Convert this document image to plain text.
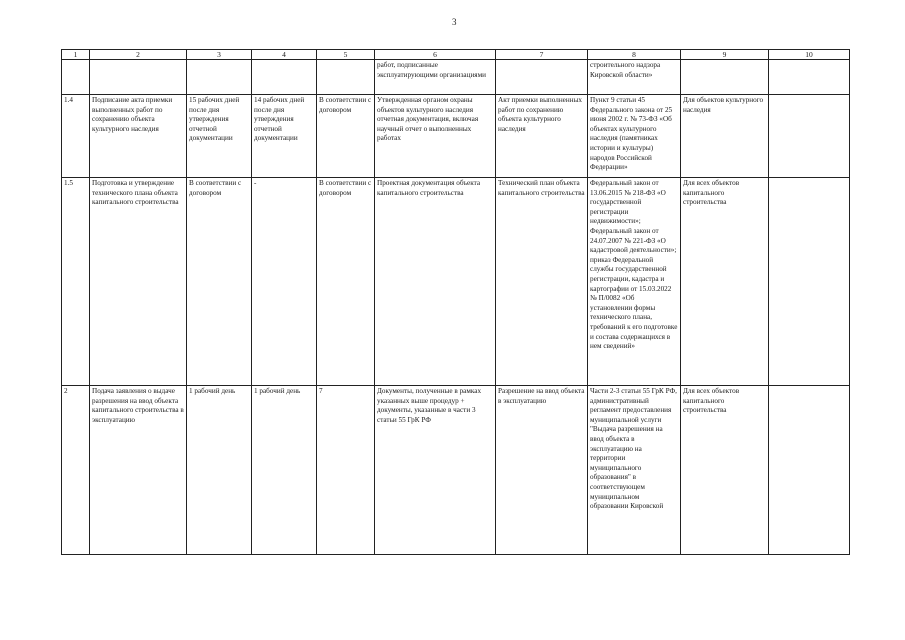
3
1	2	3	4	5	6	7	8	9	10
					работ, подписанные эксплуатирующими организациями		строительного надзора Кировской области»		
1.4	Подписание акта приемки выполненных работ по сохранению объекта культурного наследия	15 рабочих дней после дня утверждения отчетной документации	14 рабочих дней после дня утверждения отчетной документации	В соответствии с договором	Утвержденная органом охраны объектов культурного наследия отчетная документация, включая научный отчет о выполненных работах	Акт приемки выполненных работ по сохранению объекта культурного наследия	Пункт 9 статьи 45 Федерального закона от 25 июня 2002 г. № 73-ФЗ «Об объектах культурного наследия (памятниках истории и культуры) народов Российской Федерации»	Для объектов культурного наследия	
1.5	Подготовка и утверждение технического плана объекта капитального строительства	В соответствии с договором	-	В соответствии с договором	Проектная документация объекта капитального строительства	Технический план объекта капитального строительства	Федеральный закон от 13.06.2015 № 218-ФЗ «О государственной регистрации недвижимости»; Федеральный закон от 24.07.2007 № 221-ФЗ «О кадастровой деятельности»; приказ Федеральной службы государственной регистрации, кадастра и картографии от 15.03.2022 № П/0082 «Об установлении формы технического плана, требований к его подготовке и состава содержащихся в нем сведений»	Для всех объектов капитального строительства	
2	Подача заявления о выдаче разрешения на ввод объекта капитального строительства в эксплуатацию	1 рабочий день	1 рабочий день	7	Документы, полученные в рамках указанных выше процедур + документы, указанные в части 3 статьи 55 ГрК РФ	Разрешение на ввод объекта в эксплуатацию	Части 2-3 статьи 55 ГрК РФ, административный регламент предоставления муниципальной услуги "Выдача разрешения на ввод объекта в эксплуатацию на территории муниципального образования" в соответствующем муниципальном образовании Кировской	Для всех объектов капитального строительства	
